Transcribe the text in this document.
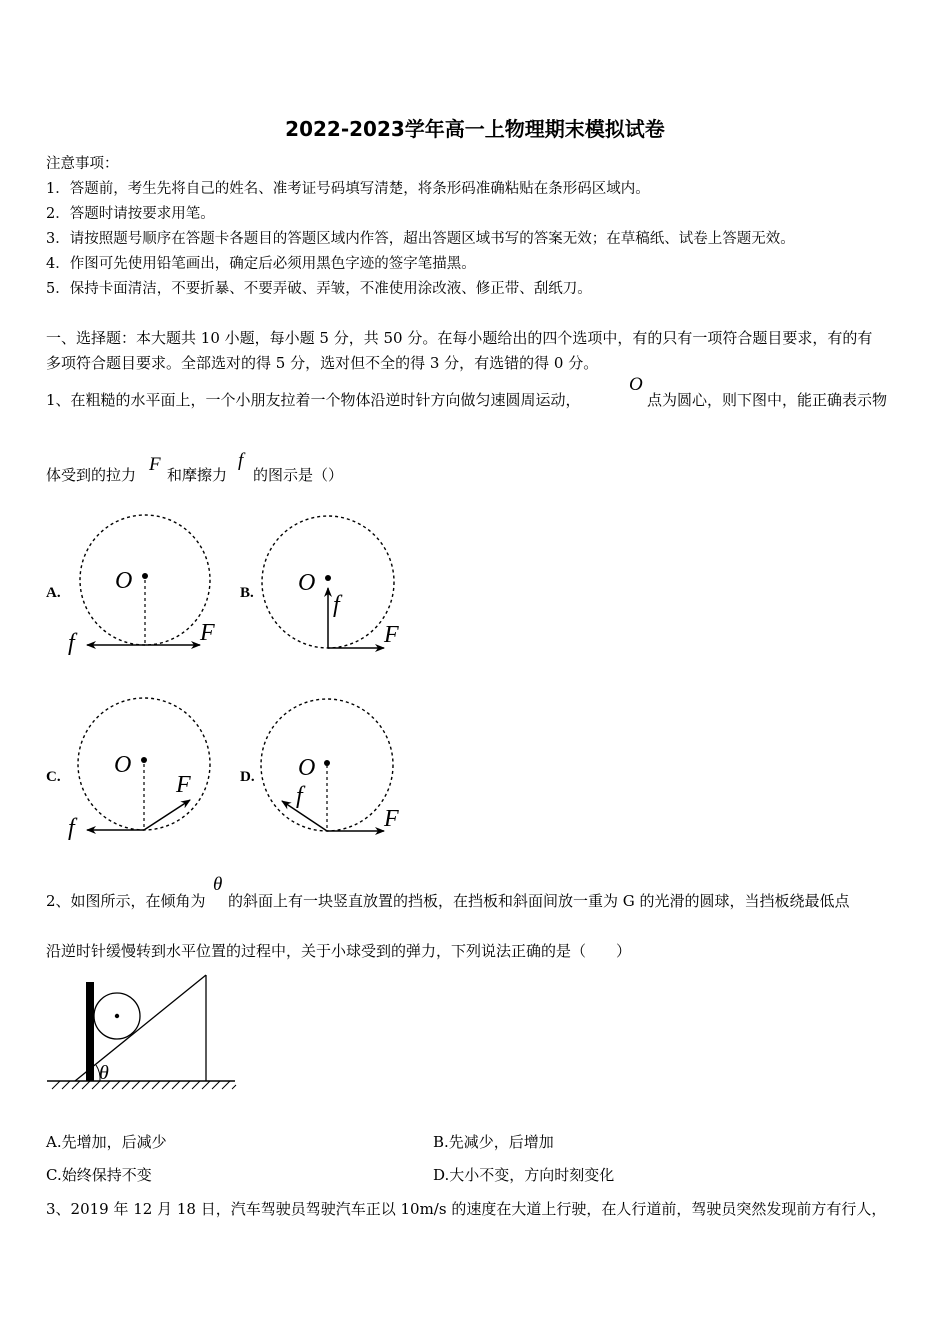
2022-2023学年高一上物理期末模拟试卷
注意事项：
1．答题前，考生先将自己的姓名、准考证号码填写清楚，将条形码准确粘贴在条形码区域内。
2．答题时请按要求用笔。
3．请按照题号顺序在答题卡各题目的答题区域内作答，超出答题区域书写的答案无效；在草稿纸、试卷上答题无效。
4．作图可先使用铅笔画出，确定后必须用黑色字迹的签字笔描黑。
5．保持卡面清洁，不要折暴、不要弄破、弄皱，不准使用涂改液、修正带、刮纸刀。
一、选择题：本大题共 10 小题，每小题 5 分，共 50 分。在每小题给出的四个选项中，有的只有一项符合题目要求，有的有
多项符合题目要求。全部选对的得 5 分，选对但不全的得 3 分，有选错的得 0 分。
1、在粗糙的水平面上，一个小朋友拉着一个物体沿逆时针方向做匀速圆周运动，
O
点为圆心，则下图中，能正确表示物
体受到的拉力 F 和摩擦力
f
的图示是（）
A.	B.
C.	D.
O
f	F
O
f
F
O
f
F
O
f
F
θ
2、如图所示，在倾角为
θ
的斜面上有一块竖直放置的挡板，在挡板和斜面间放一重为 G 的光滑的圆球，当挡板绕最低点
沿逆时针缓慢转到水平位置的过程中，关于小球受到的弹力，下列说法正确的是（　　）
A.先增加，后减少	B.先减少，后增加
C.始终保持不变	D.大小不变，方向时刻变化
3、2019 年 12 月 18 日，汽车驾驶员驾驶汽车正以 10m/s 的速度在大道上行驶，在人行道前，驾驶员突然发现前方有行人，
